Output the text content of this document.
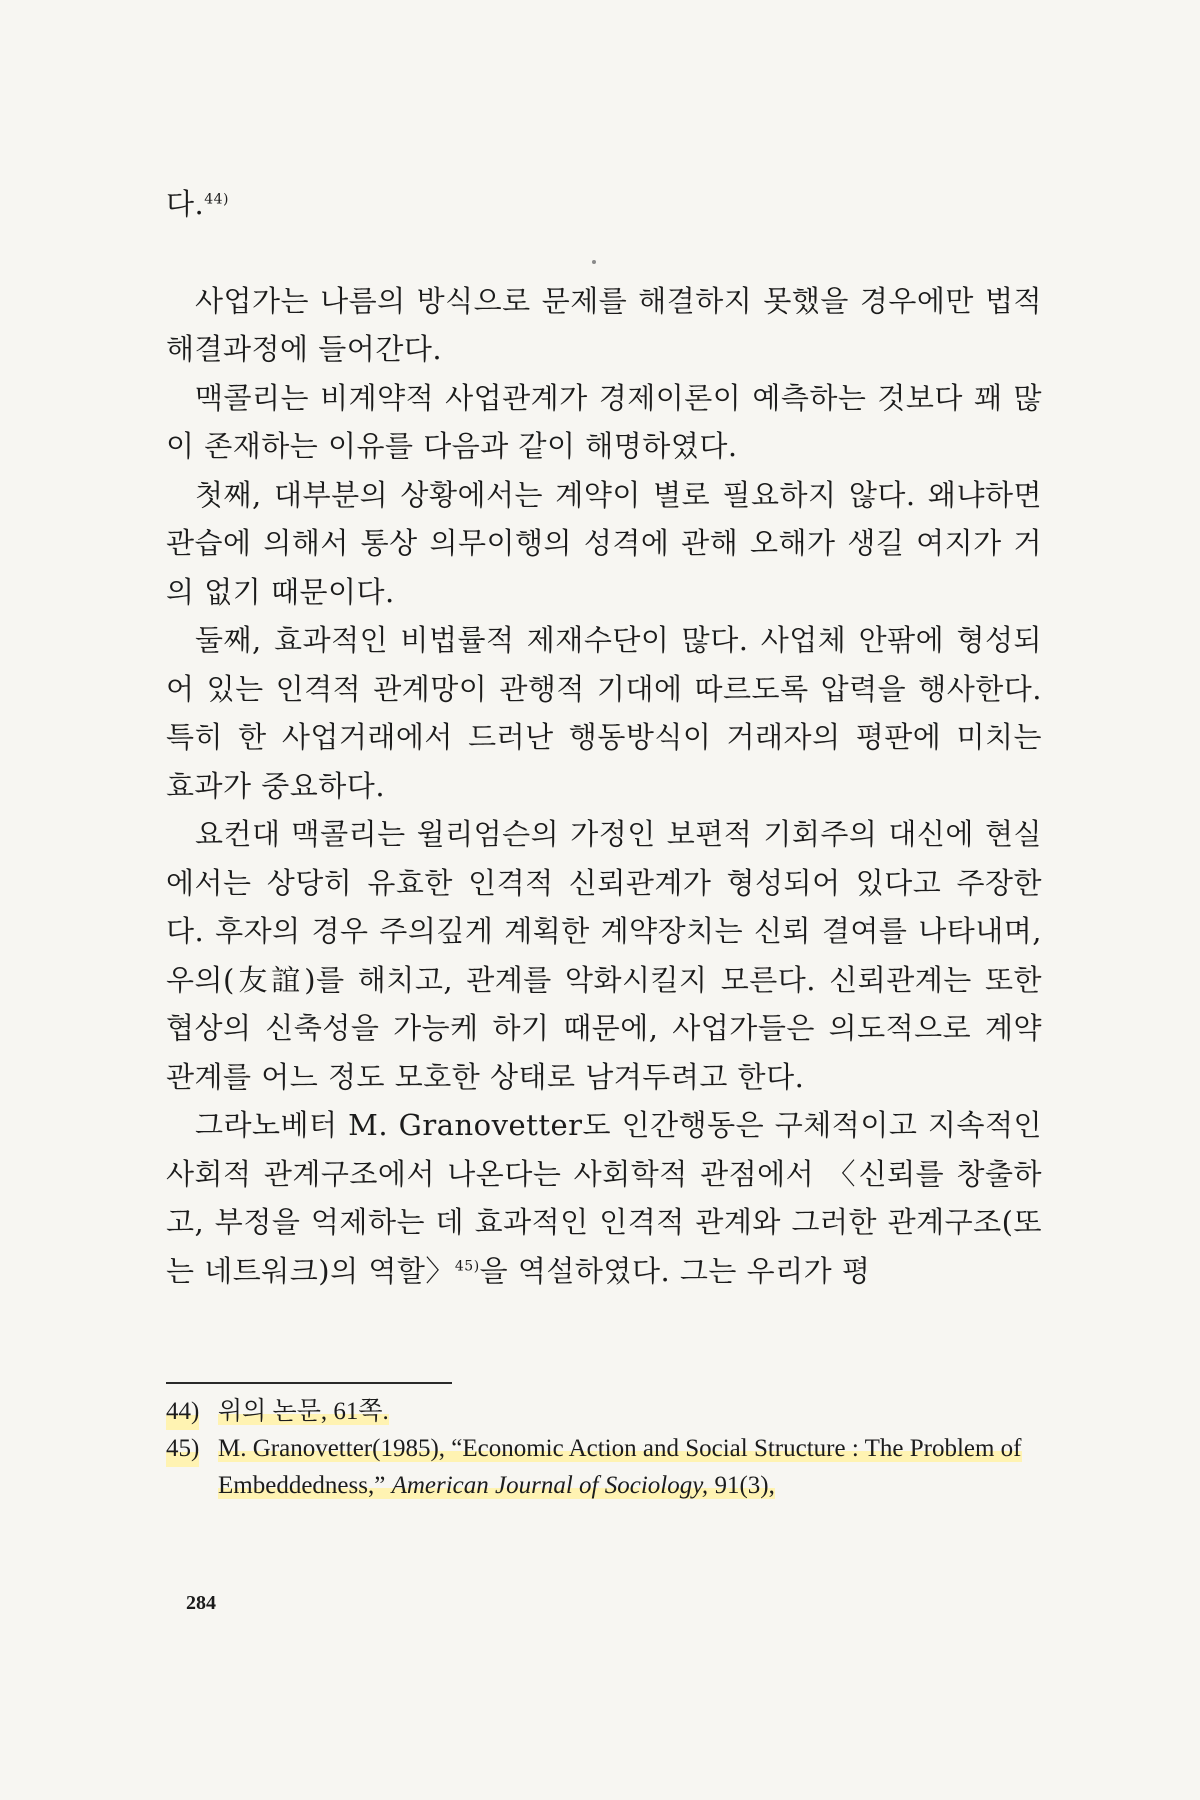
다.$^{44)}$

사업가는 나름의 방식으로 문제를 해결하지 못했을 경우에만 법적 해결과정에 들어간다.

맥콜리는 비계약적 사업관계가 경제이론이 예측하는 것보다 꽤 많이 존재하는 이유를 다음과 같이 해명하였다.

첫째, 대부분의 상황에서는 계약이 별로 필요하지 않다. 왜냐하면 관습에 의해서 통상 의무이행의 성격에 관해 오해가 생길 여지가 거의 없기 때문이다.

둘째, 효과적인 비법률적 제재수단이 많다. 사업체 안팎에 형성되어 있는 인격적 관계망이 관행적 기대에 따르도록 압력을 행사한다. 특히 한 사업거래에서 드러난 행동방식이 거래자의 평판에 미치는 효과가 중요하다.

요컨대 맥콜리는 윌리엄슨의 가정인 보편적 기회주의 대신에 현실에서는 상당히 유효한 인격적 신뢰관계가 형성되어 있다고 주장한다. 후자의 경우 주의깊게 계획한 계약장치는 신뢰 결여를 나타내며, 우의(友誼)를 해치고, 관계를 악화시킬지 모른다. 신뢰관계는 또한 협상의 신축성을 가능케 하기 때문에, 사업가들은 의도적으로 계약관계를 어느 정도 모호한 상태로 남겨두려고 한다.

그라노베터 M. Granovetter도 인간행동은 구체적이고 지속적인 사회적 관계구조에서 나온다는 사회학적 관점에서 〈신뢰를 창출하고, 부정을 억제하는 데 효과적인 인격적 관계와 그러한 관계구조(또는 네트워크)의 역할〉$^{45)}$을 역설하였다. 그는 우리가 평

44) 위의 논문, 61쪽.

45) M. Granovetter(1985), “Economic Action and Social Structure : The Problem of Embeddedness,” American Journal of Sociology, 91(3),

284
